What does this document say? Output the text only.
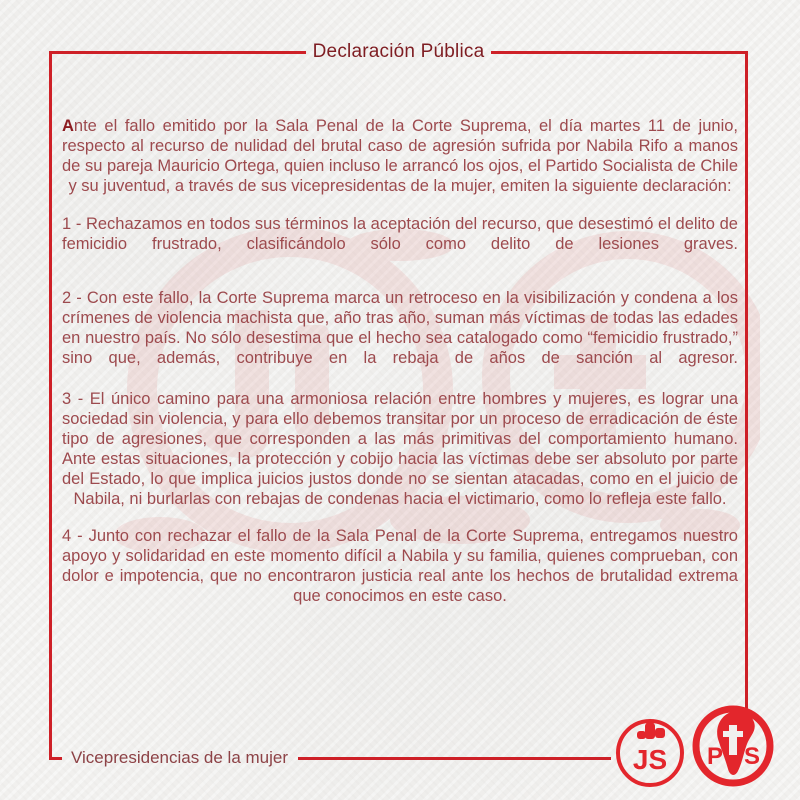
Declaración Pública

Ante el fallo emitido por la Sala Penal de la Corte Suprema, el día martes 11 de junio, respecto al recurso de nulidad del brutal caso de agresión sufrida por Nabila Rifo a manos de su pareja Mauricio Ortega, quien incluso le arrancó los ojos, el Partido Socialista de Chile y su juventud, a través de sus vicepresidentas de la mujer, emiten la siguiente declaración:

1 - Rechazamos en todos sus términos la aceptación del recurso, que desestimó el delito de femicidio frustrado, clasificándolo sólo como delito de lesiones graves.

2 - Con este fallo, la Corte Suprema marca un retroceso en la visibilización y condena a los crímenes de violencia machista que, año tras año, suman más víctimas de todas las edades en nuestro país. No sólo desestima que el hecho sea catalogado como “femicidio frustrado,” sino que, además, contribuye en la rebaja de años de sanción al agresor.

3 - El único camino para una armoniosa relación entre hombres y mujeres, es lograr una sociedad sin violencia, y para ello debemos transitar por un proceso de erradicación de éste tipo de agresiones, que corresponden a las más primitivas del comportamiento humano. Ante estas situaciones, la protección y cobijo hacia las víctimas debe ser absoluto por parte del Estado, lo que implica juicios justos donde no se sientan atacadas, como en el juicio de Nabila, ni burlarlas con rebajas de condenas hacia el victimario, como lo refleja este fallo.

4 - Junto con rechazar el fallo de la Sala Penal de la Corte Suprema, entregamos nuestro apoyo y solidaridad en este momento difícil a Nabila y su familia, quienes comprueban, con dolor e impotencia, que no encontraron justicia real ante los hechos de brutalidad extrema que conocimos en este caso.

Vicepresidencias de la mujer	JS P S
